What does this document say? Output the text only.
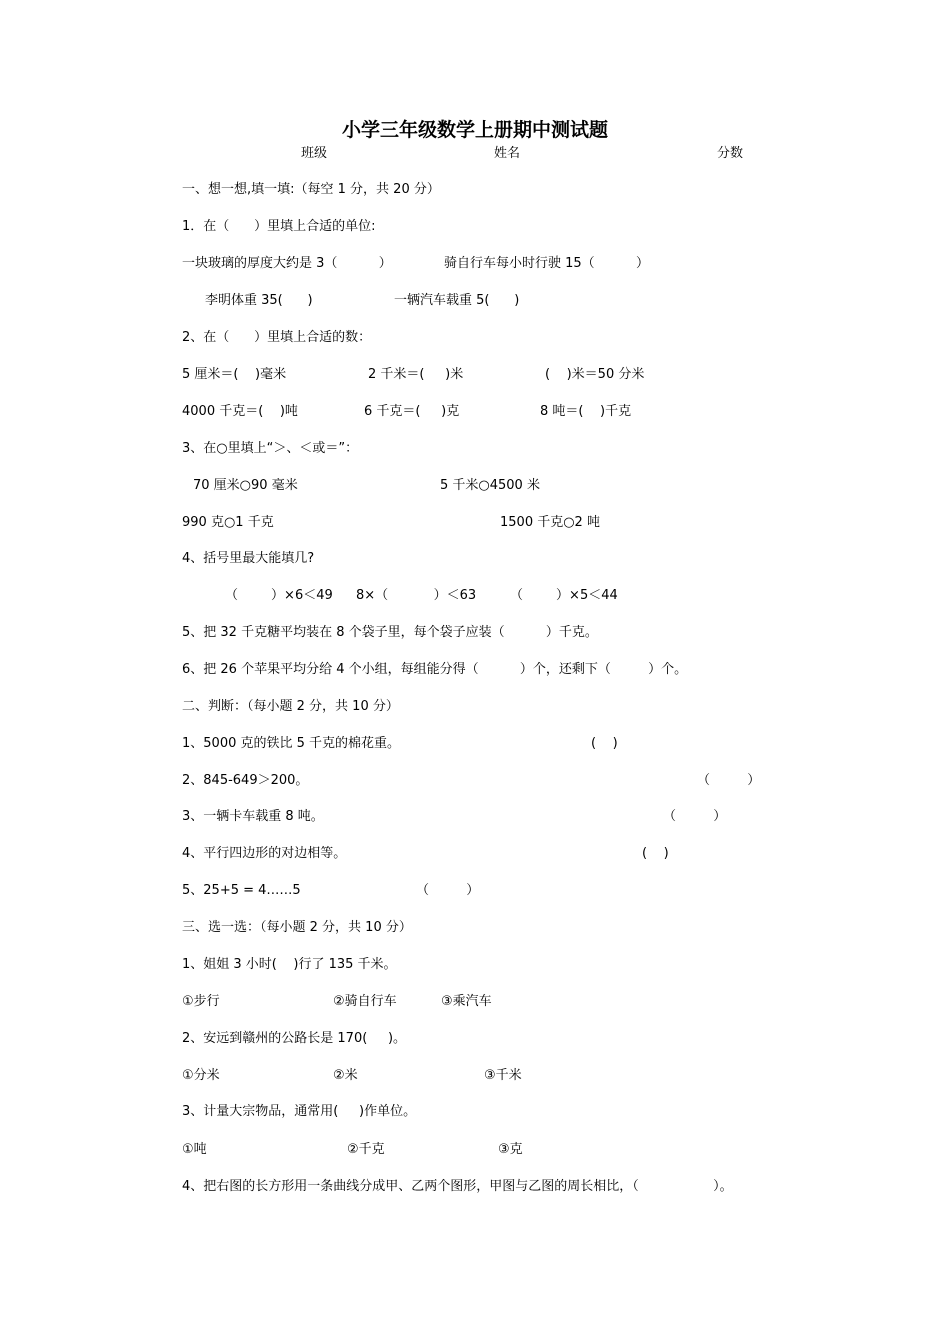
小学三年级数学上册期中测试题
班级	姓名	分数
一、想一想,填一填:（每空 1 分，共 20 分）
1．在（      ）里填上合适的单位:
一块玻璃的厚度大约是 3（          ）	骑自行车每小时行驶 15（          ）
李明体重 35(      )	一辆汽车载重 5(      )
2、在（      ）里填上合适的数：
5 厘米＝(    )毫米	2 千米＝(     )米	(    )米＝50 分米
4000 千克＝(    )吨	6 千克＝(     )克	8 吨＝(    )千克
3、在○里填上“＞、＜或＝”：
70 厘米○90 毫米	5 千米○4500 米
990 克○1 千克	1500 千克○2 吨
4、括号里最大能填几?
（        ）×6＜49 8×（           ）＜63	（        ）×5＜44
5、把 32 千克糖平均装在 8 个袋子里，每个袋子应装（          ）千克。
6、把 26 个苹果平均分给 4 个小组，每组能分得（          ）个，还剩下（         ）个。
二、判断：（每小题 2 分，共 10 分）
1、5000 克的铁比 5 千克的棉花重。	(    )
2、845-649＞200。	（         ）
3、一辆卡车载重 8 吨。	（         ）
4、平行四边形的对边相等。	(    )
5、25+5 = 4……5	（         ）
三、选一选：（每小题 2 分，共 10 分）
1、姐姐 3 小时(    )行了 135 千米。
①步行	②骑自行车	③乘汽车
2、安远到赣州的公路长是 170(     )。
①分米	②米	③千米
3、计量大宗物品，通常用(     )作单位。
①吨	②千克	③克
4、把右图的长方形用一条曲线分成甲、乙两个图形，甲图与乙图的周长相比，（                  ）。
